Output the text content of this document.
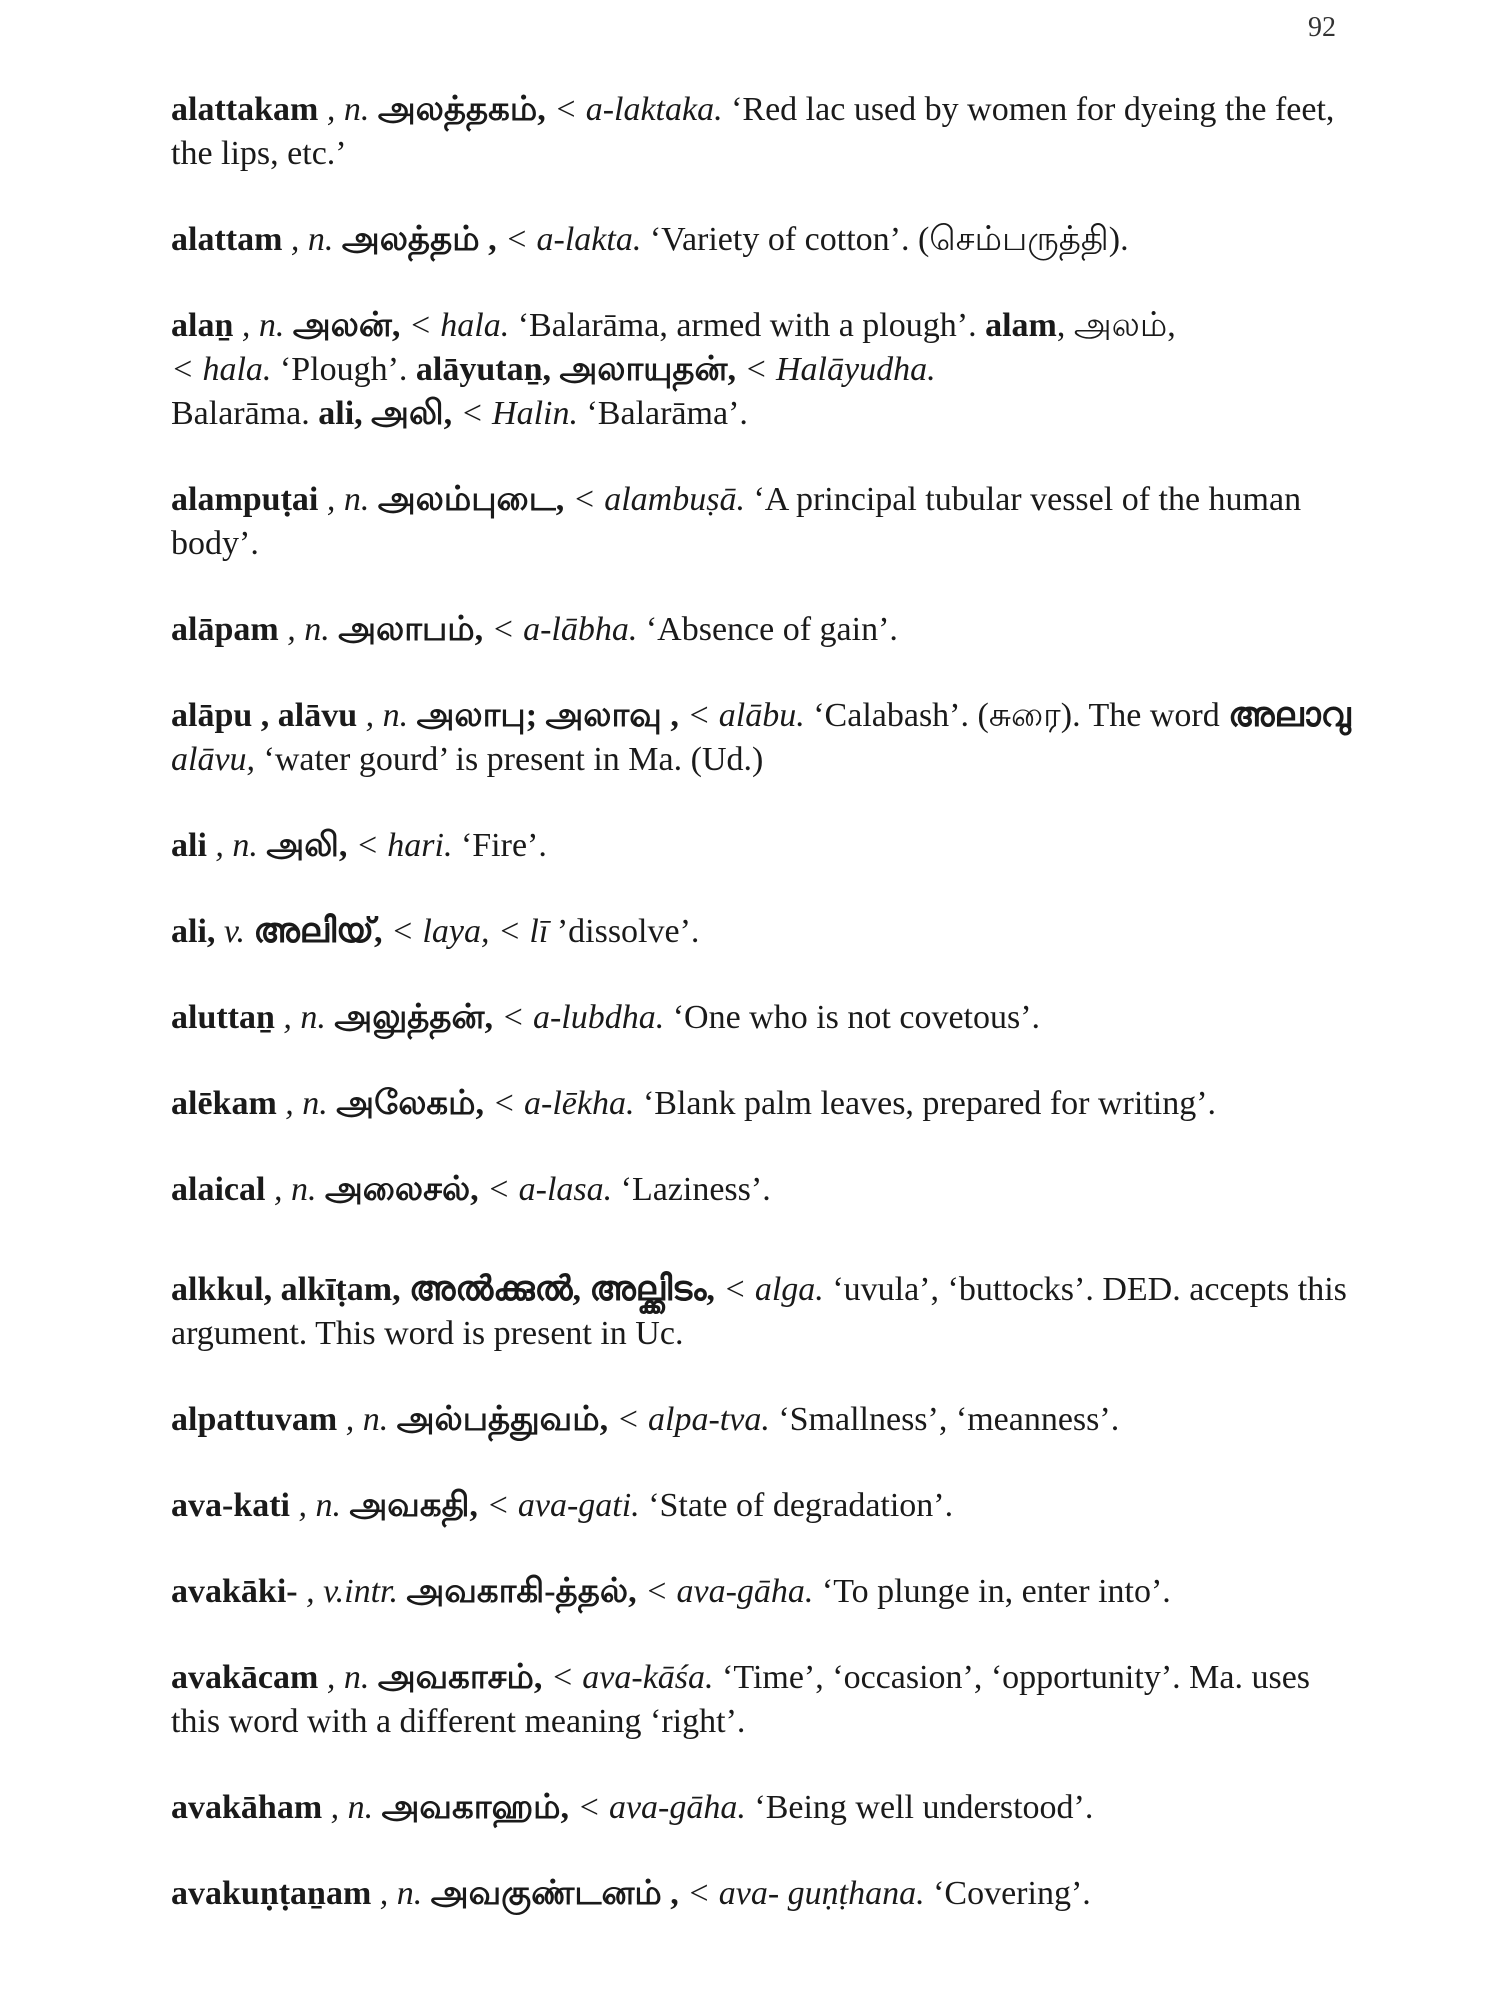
92

alattakam , n. அலத்தகம், < a-laktaka. ‘Red lac used by women for dyeing the feet, the lips, etc.’

alattam , n. அலத்தம் , < a-lakta. ‘Variety of cotton’. (செம்பருத்தி).

alaṉ , n. அலன், < hala. ‘Balarāma, armed with a plough’. alam, அலம்,
< hala. ‘Plough’. alāyutaṉ, அலாயுதன், < Halāyudha.
Balarāma. ali, அலி, < Halin. ‘Balarāma’.

alampuṭai , n. அலம்புடை, < alambuṣā. ‘A principal tubular vessel of the human body’.

alāpam , n. அலாபம், < a-lābha. ‘Absence of gain’.

alāpu , alāvu , n. அலாபு; அலாவு , < alābu. ‘Calabash’. (சுரை). The word അലാവു alāvu, ‘water gourd’ is present in Ma. (Ud.)

ali , n. அலி, < hari. ‘Fire’.

ali, v. അലിയ്, < laya, < lī ’dissolve’.

aluttaṉ , n. அலுத்தன், < a-lubdha. ‘One who is not covetous’.

alēkam , n. அலேகம், < a-lēkha. ‘Blank palm leaves, prepared for writing’.

alaical , n. அலைசல், < a-lasa. ‘Laziness’.

alkkul, alkīṭam, അൽക്കുൽ, അല്ക്കിടം, < alga. ‘uvula’, ‘buttocks’. DED. accepts this argument. This word is present in Uc.

alpattuvam , n. அல்பத்துவம், < alpa-tva. ‘Smallness’, ‘meanness’.

ava-kati , n. அவகதி, < ava-gati. ‘State of degradation’.

avakāki- , v.intr. அவகாகி-த்தல், < ava-gāha. ‘To plunge in, enter into’.

avakācam , n. அவகாசம், < ava-kāśa. ‘Time’, ‘occasion’, ‘opportunity’. Ma. uses this word with a different meaning ‘right’.

avakāham , n. அவகாஹம், < ava-gāha. ‘Being well understood’.

avakuṇṭaṉam , n. அவகுண்டனம் , < ava- guṇṭhana. ‘Covering’.
